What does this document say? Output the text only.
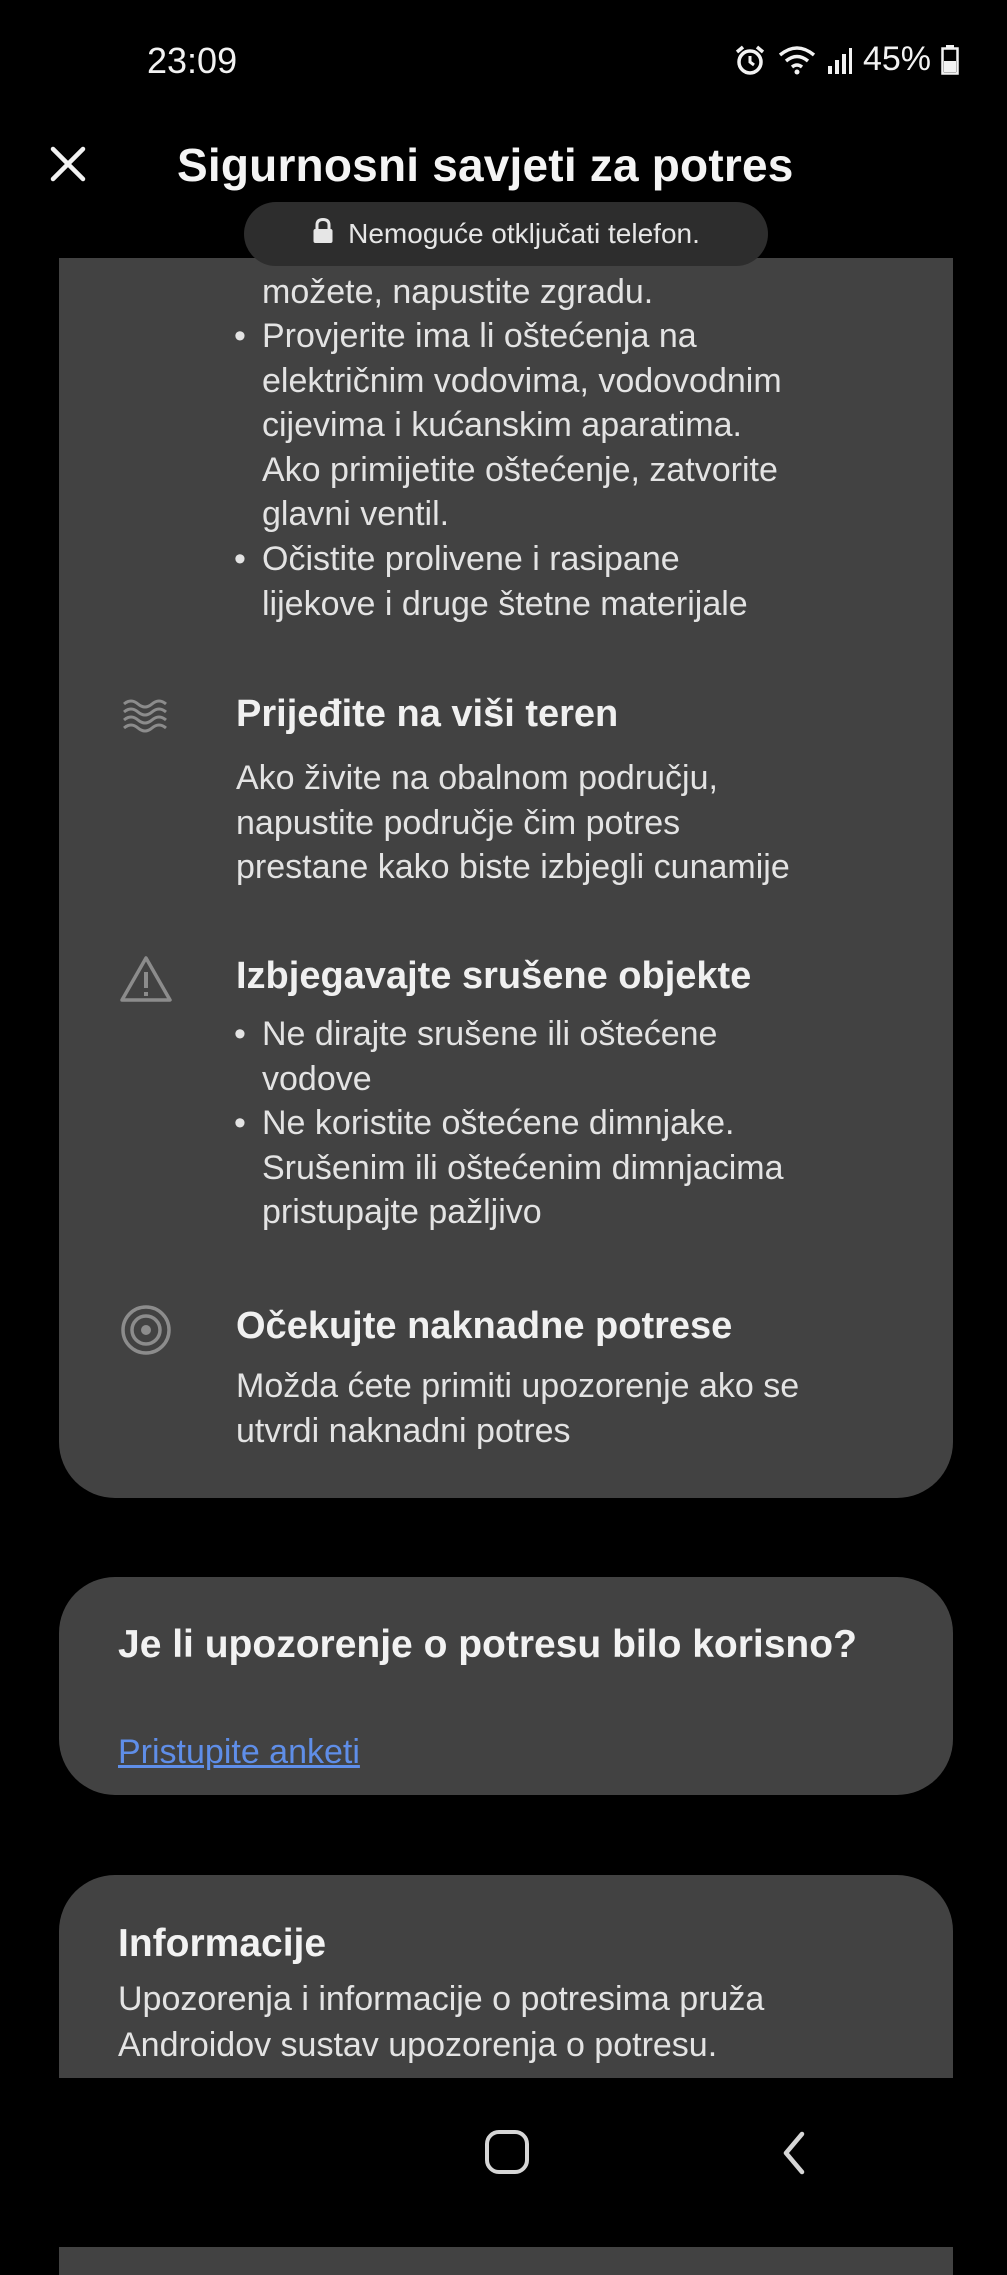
23:09	45%
Sigurnosni savjeti za potres
Nemoguće otključati telefon.
možete, napustite zgradu.
• Provjerite ima li oštećenja na
električnim vodovima, vodovodnim
cijevima i kućanskim aparatima.
Ako primijetite oštećenje, zatvorite
glavni ventil.
• Očistite prolivene i rasipane
lijekove i druge štetne materijale
Prijeđite na viši teren
Ako živite na obalnom području,
napustite područje čim potres
prestane kako biste izbjegli cunamije
Izbjegavajte srušene objekte
• Ne dirajte srušene ili oštećene
vodove
• Ne koristite oštećene dimnjake.
Srušenim ili oštećenim dimnjacima
pristupajte pažljivo
Očekujte naknadne potrese
Možda ćete primiti upozorenje ako se
utvrdi naknadni potres
Je li upozorenje o potresu bilo korisno?
Pristupite anketi
Informacije
Upozorenja i informacije o potresima pruža Androidov sustav upozorenja o potresu.
